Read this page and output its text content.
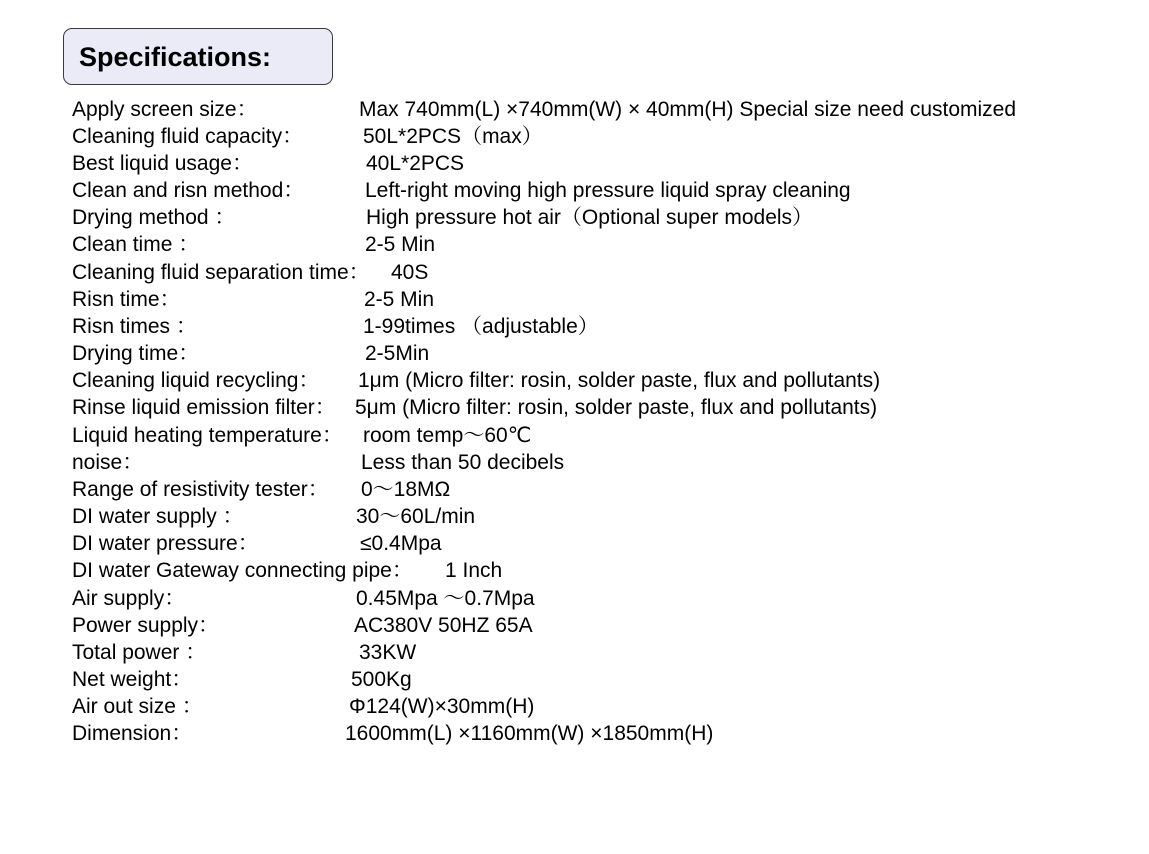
Specifications:
Apply screen size：	Max 740mm(L) ×740mm(W) × 40mm(H) Special size need customized
Cleaning fluid capacity：	50L*2PCS（max）
Best liquid usage：	40L*2PCS
Clean and risn method：	Left-right moving high pressure liquid spray cleaning
Drying method ：	High pressure hot air（Optional super models）
Clean time ：	2-5 Min
Cleaning fluid separation time： 40S
Risn time：	2-5 Min
Risn times ：	1-99times （adjustable）
Drying time：	2-5Min
Cleaning liquid recycling： 1μm (Micro filter: rosin, solder paste, flux and pollutants)
Rinse liquid emission filter： 5μm (Micro filter: rosin, solder paste, flux and pollutants)
Liquid heating temperature： room temp～60℃
noise：	Less than 50 decibels
Range of resistivity tester： 0～18MΩ
DI water supply ：	30～60L/min
DI water pressure：	≤0.4Mpa
DI water Gateway connecting pipe： 1 Inch
Air supply：	0.45Mpa ～0.7Mpa
Power supply：	AC380V 50HZ 65A
Total power ：	33KW
Net weight：	500Kg
Air out size ：	Φ124(W)×30mm(H)
Dimension：	1600mm(L) ×1160mm(W) ×1850mm(H)
